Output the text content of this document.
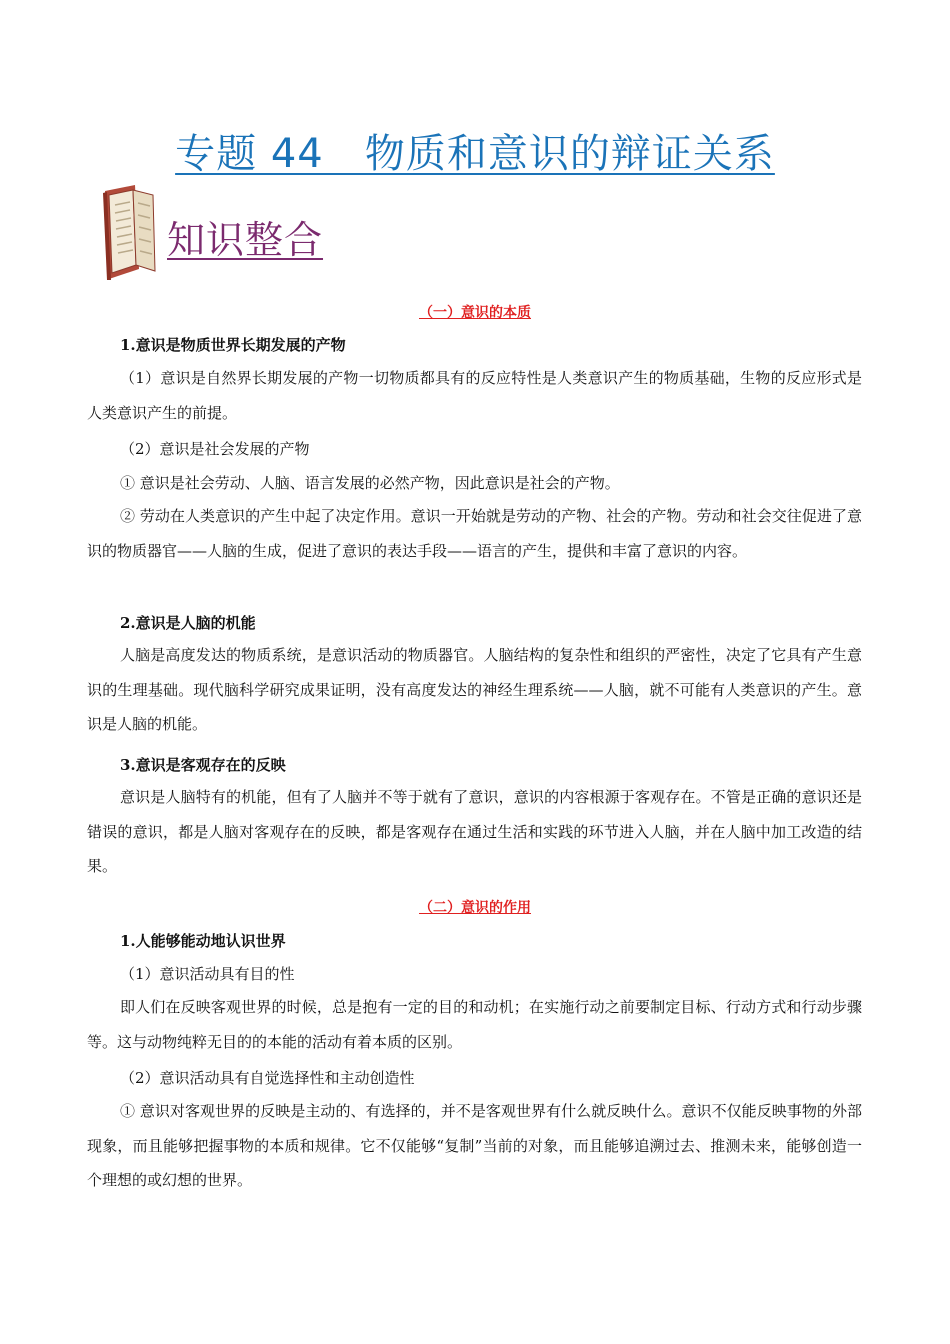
专题 44   物质和意识的辩证关系
知识整合
（一）意识的本质
1.意识是物质世界长期发展的产物

（1）意识是自然界长期发展的产物一切物质都具有的反应特性是人类意识产生的物质基础，生物的反应形式是人类意识产生的前提。

（2）意识是社会发展的产物
① 意识是社会劳动、人脑、语言发展的必然产物，因此意识是社会的产物。

② 劳动在人类意识的产生中起了决定作用。意识一开始就是劳动的产物、社会的产物。劳动和社会交往促进了意识的物质器官——人脑的生成，促进了意识的表达手段——语言的产生，提供和丰富了意识的内容。

2.意识是人脑的机能

人脑是高度发达的物质系统，是意识活动的物质器官。人脑结构的复杂性和组织的严密性，决定了它具有产生意识的生理基础。现代脑科学研究成果证明，没有高度发达的神经生理系统——人脑，就不可能有人类意识的产生。意识是人脑的机能。

3.意识是客观存在的反映

意识是人脑特有的机能，但有了人脑并不等于就有了意识，意识的内容根源于客观存在。不管是正确的意识还是错误的意识，都是人脑对客观存在的反映，都是客观存在通过生活和实践的环节进入人脑，并在人脑中加工改造的结果。

（二）意识的作用
1.人能够能动地认识世界
（1）意识活动具有目的性

即人们在反映客观世界的时候，总是抱有一定的目的和动机；在实施行动之前要制定目标、行动方式和行动步骤等。这与动物纯粹无目的的本能的活动有着本质的区别。

（2）意识活动具有自觉选择性和主动创造性

① 意识对客观世界的反映是主动的、有选择的，并不是客观世界有什么就反映什么。意识不仅能反映事物的外部现象，而且能够把握事物的本质和规律。它不仅能够“复制”当前的对象，而且能够追溯过去、推测未来，能够创造一个理想的或幻想的世界。
